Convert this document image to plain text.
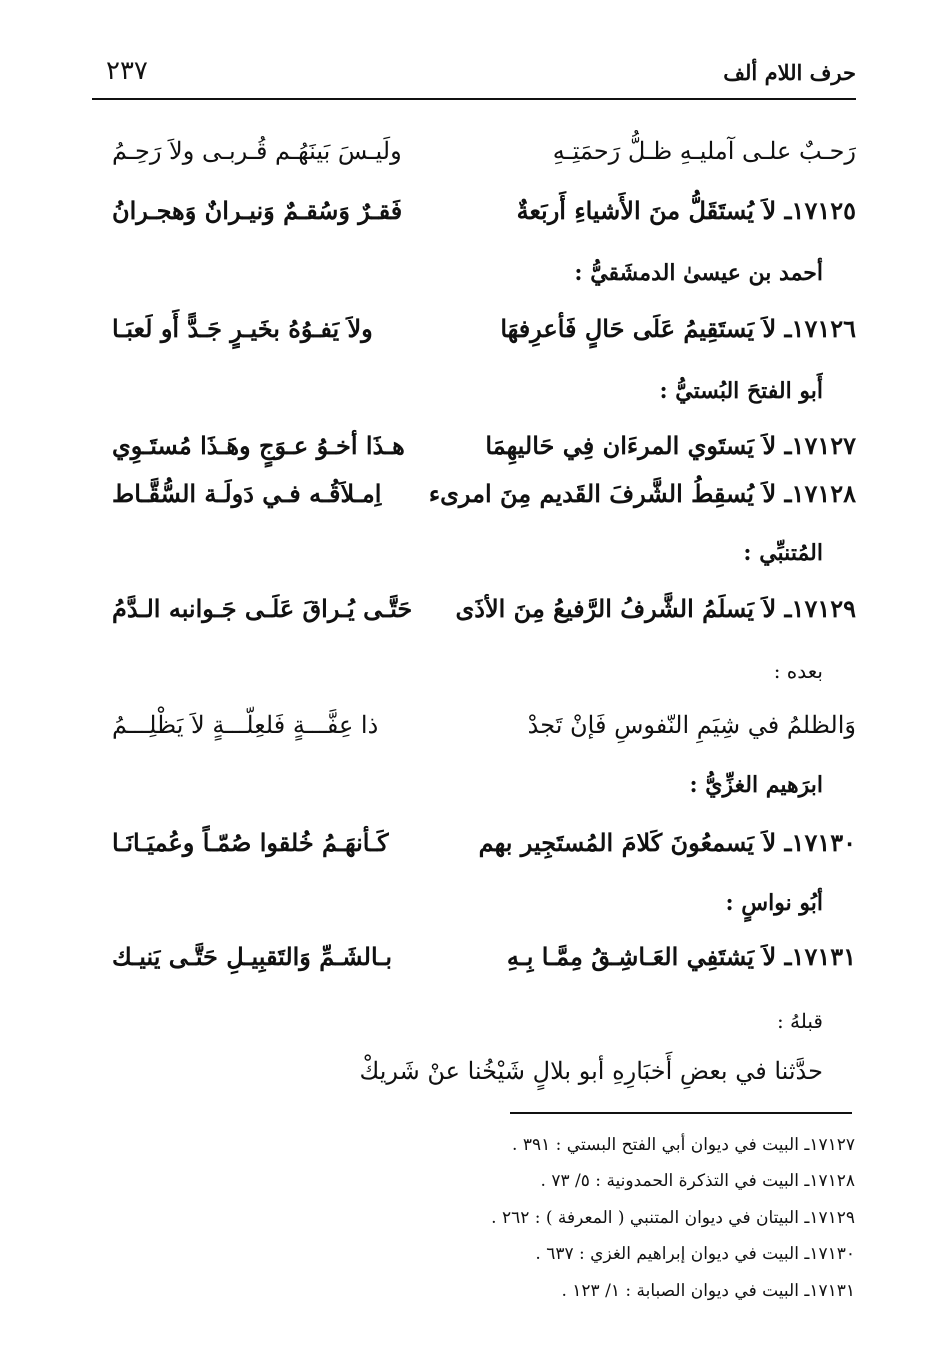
حرف اللام ألف
٢٣٧
رَحـبٌ علـى آمليـهِ ظـلُّ رَحمَتِـهِ
ولَيـسَ بَينَهُـم قُـربـى ولاَ رَحِـمُ
١٧١٢٥ـ لاَ يُستَقَلُّ منَ الأَشياءِ أَربَعةٌ
فَقـرٌ وَسُقـمٌ وَنيـرانٌ وَهجـرانُ
أحمد بن عيسىٰ الدمشَقيُّ :
١٧١٢٦ـ لاَ يَستَقِيمُ عَلَى حَالٍ فَأعرِفهَا
ولاَ يَفـوُهُ بخَيـرٍ جَـدًّ أَو لَعبَـا
أَبو الفتحَ البُستيُّ :
١٧١٢٧ـ لاَ يَستَوي المرءَان فِي حَاليهِمَا
هـذَا أخـوُ عـوَجٍ وهَـذَا مُستَـوِي
١٧١٢٨ـ لاَ يُسقِطُ الشَّرفَ القَديم مِنَ امرىء
اِمـلاَقُـه فـي دَولَـة السُّقَّـاط
المُتنبِّي :
١٧١٢٩ـ لاَ يَسلَمُ الشَّرفُ الرَّفيعُ مِنَ الأذَى
حَتَّـى يُـراقَ عَلَـى جَـوانبه الـدَّمُ
بعده :
وَالظلمُ في شِيَمِ النّفوسِ فَإنْ تَجدْ
ذا عِفَّـــةٍ فَلعِلّـــةٍ لاَ يَظْلِـــمُ
ابرَهيم الغزِّيُّ :
١٧١٣٠ـ لاَ يَسمعُونَ كَلامَ المُستَجِير بهم
كَـأنهَـمُ خُلقوا صُمّـاً وعُميَـانَـا
أبُو نواسٍ :
١٧١٣١ـ لاَ يَشتَفِي العَـاشِـقُ مِمَّـا بِـهِ
بـالشَـمِّ وَالتَقبِيـلِ حَتَّـى يَنيـك
قبلهُ :
حدَّثنا في بعضِ أَخبَارِهِ أبو بلالٍ شَيْخُنا عنْ شَريكْ
١٧١٢٧ـ البيت في ديوان أبي الفتح البستي : ٣٩١ .
١٧١٢٨ـ البيت في التذكرة الحمدونية : ٥/ ٧٣ .
١٧١٢٩ـ البيتان في ديوان المتنبي ( المعرفة ) : ٢٦٢ .
١٧١٣٠ـ البيت في ديوان إبراهيم الغزي : ٦٣٧ .
١٧١٣١ـ البيت في ديوان الصبابة : ١/ ١٢٣ .
